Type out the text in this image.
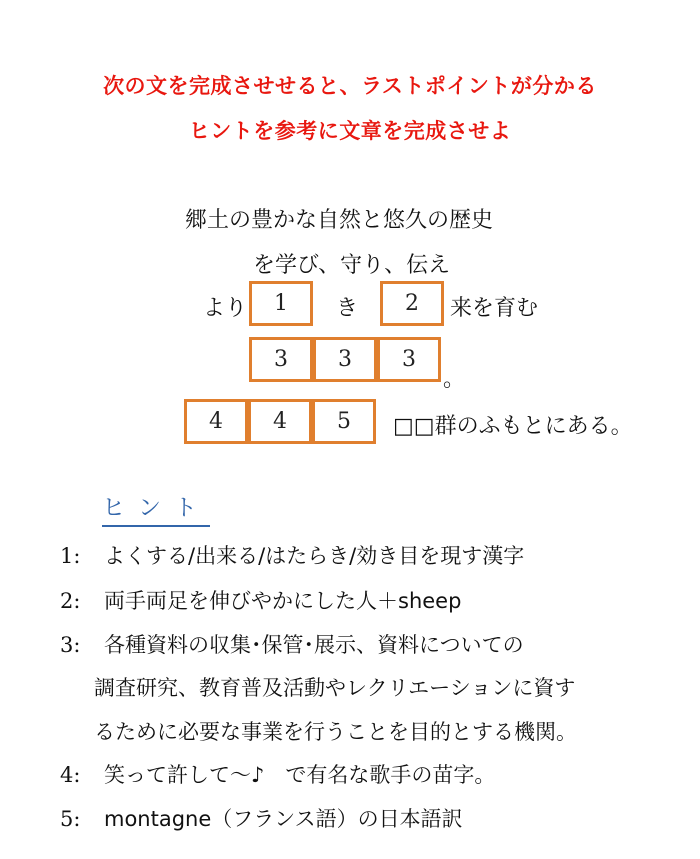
次の文を完成させせると、ラストポイントが分かる
ヒントを参考に文章を完成させよ
郷土の豊かな自然と悠久の歴史
を学び、守り、伝え
より	1	き	2	来を育む
3	3	3
。
4	4	5	□□群のふもとにある。
ヒント
1: よくする/出来る/はたらき/効き目を現す漢字
2: 両手両足を伸びやかにした人＋sheep
3: 各種資料の収集･保管･展示、資料についての
調査研究、教育普及活動やレクリエーションに資す
るために必要な事業を行うことを目的とする機関。
4: 笑って許して～♪　で有名な歌手の苗字。
5: montagne（フランス語）の日本語訳
